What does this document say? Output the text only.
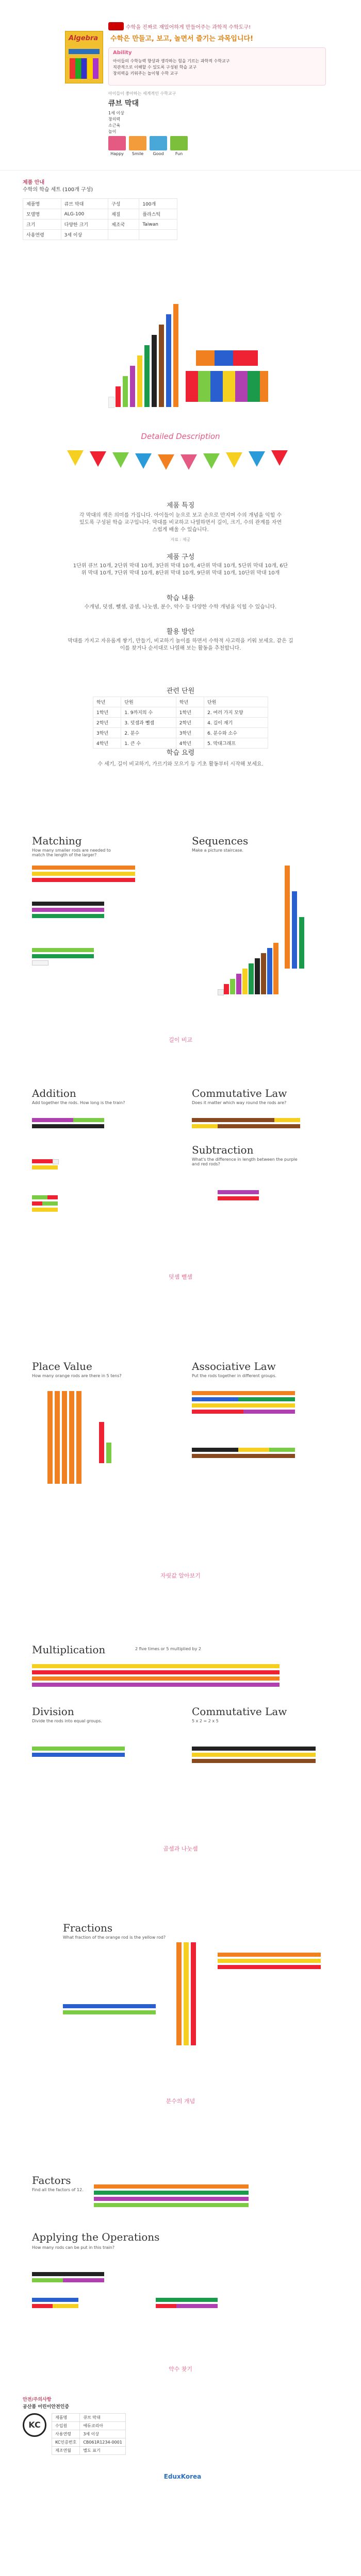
수학을 진짜로 재밌어하게 만들어주는 과학적 수학도구!
수학은 만들고, 보고, 놀면서 즐기는 과목입니다!
Algebra
Ability
아이들의 수학능력 향상과 생각하는 힘을 기르는 과학적 수학교구
직관적으로 이해할 수 있도록 구성된 학습 교구
창의력을 키워주는 놀이형 수학 교구
아이들이 좋아하는 세계적인 수학교구
큐브 막대
1세 이상
창의력
소근육
놀이
Happy	Smile	Good	Fun
제품 안내
수학의 학습 세트 (100개 구성)
제품명	큐브 막대	구성	100개
모델명	ALG-100	재질	플라스틱
크기	다양한 크기	제조국	Taiwan
사용연령	3세 이상		
Detailed Description
제품 특징
각 막대의 색은 의미를 가집니다. 아이들이 눈으로 보고 손으로 만지며 수의 개념을 익힐 수 있도록 구성된 학습 교구입니다. 막대를 비교하고 나열하면서 길이, 크기, 수의 관계를 자연스럽게 배울 수 있습니다.
자료 : 제공
제품 구성
1단위 큐브 10개, 2단위 막대 10개, 3단위 막대 10개, 4단위 막대 10개, 5단위 막대 10개, 6단위 막대 10개, 7단위 막대 10개, 8단위 막대 10개, 9단위 막대 10개, 10단위 막대 10개
학습 내용
수개념, 덧셈, 뺄셈, 곱셈, 나눗셈, 분수, 약수 등 다양한 수학 개념을 익힐 수 있습니다.
활용 방안
막대를 가지고 자유롭게 쌓기, 만들기, 비교하기 놀이를 하면서 수학적 사고력을 키워 보세요. 같은 길이를 찾거나 순서대로 나열해 보는 활동을 추천합니다.
관련 단원
학년	단원	학년	단원
1학년	1. 9까지의 수	1학년	2. 여러 가지 모양
2학년	3. 덧셈과 뺄셈	2학년	4. 길이 재기
3학년	2. 분수	3학년	6. 분수와 소수
4학년	1. 큰 수	4학년	5. 막대그래프
학습 요령
수 세기, 길이 비교하기, 가르기와 모으기 등 기초 활동부터 시작해 보세요.
Matching
How many smaller rods are needed to match the length of the larger?
Sequences
Make a picture staircase.
길이 비교
Addition
Add together the rods. How long is the train?
Commutative Law
Does it matter which way round the rods are?
Subtraction
What's the difference in length between the purple and red rods?
덧셈 뺄셈
Place Value
How many orange rods are there in 5 tens?
Associative Law
Put the rods together in different groups.
자릿값 알아보기
Multiplication	2 five times or 5 multiplied by 2
Division
Divide the rods into equal groups.
Commutative Law
5 x 2 = 2 x 5
곱셈과 나눗셈
Fractions
What fraction of the orange rod is the yellow rod?
분수의 개념
Factors
Find all the factors of 12.
Applying the Operations
How many rods can be put in this train?
약수 찾기
안전/주의사항
공산품 어린이안전인증
KC
제품명	큐브 막대
수입원	에듀코리아
사용연령	3세 이상
KC인증번호	CB061R1234-0001
제조연월	별도 표기
EduxKorea
